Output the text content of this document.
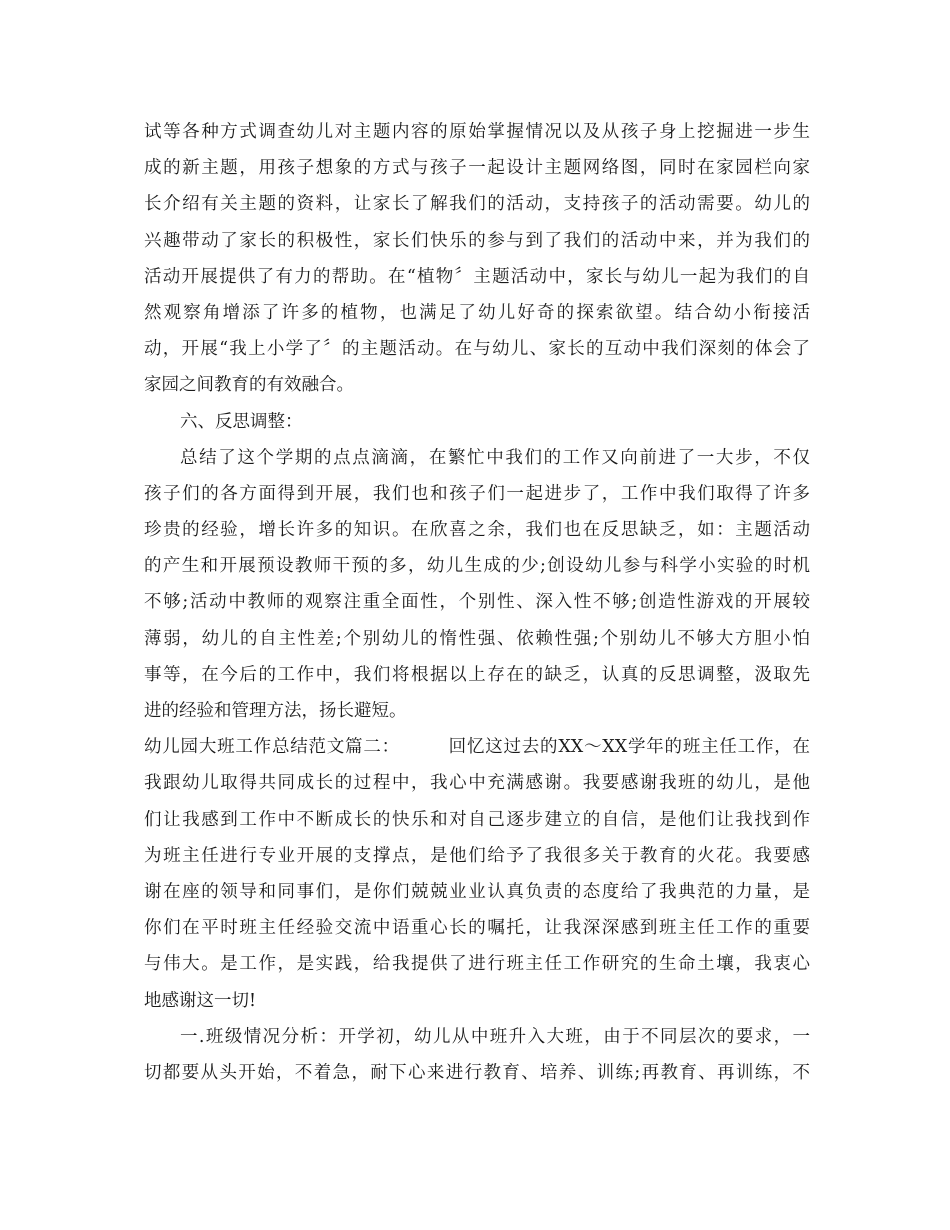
试等各种方式调查幼儿对主题内容的原始掌握情况以及从孩子身上挖掘进一步生
成的新主题，用孩子想象的方式与孩子一起设计主题网络图，同时在家园栏向家
长介绍有关主题的资料，让家长了解我们的活动，支持孩子的活动需要。幼儿的
兴趣带动了家长的积极性，家长们快乐的参与到了我们的活动中来，并为我们的
活动开展提供了有力的帮助。在“植物〞主题活动中，家长与幼儿一起为我们的自
然观察角增添了许多的植物，也满足了幼儿好奇的探索欲望。结合幼小衔接活
动，开展“我上小学了〞的主题活动。在与幼儿、家长的互动中我们深刻的体会了
家园之间教育的有效融合。
六、反思调整：
总结了这个学期的点点滴滴，在繁忙中我们的工作又向前进了一大步，不仅
孩子们的各方面得到开展，我们也和孩子们一起进步了，工作中我们取得了许多
珍贵的经验，增长许多的知识。在欣喜之余，我们也在反思缺乏，如：主题活动
的产生和开展预设教师干预的多，幼儿生成的少;创设幼儿参与科学小实验的时机
不够;活动中教师的观察注重全面性，个别性、深入性不够;创造性游戏的开展较
薄弱，幼儿的自主性差;个别幼儿的惰性强、依赖性强;个别幼儿不够大方胆小怕
事等，在今后的工作中，我们将根据以上存在的缺乏，认真的反思调整，汲取先
进的经验和管理方法，扬长避短。
幼儿园大班工作总结范文篇二：	回忆这过去的XX～XX学年的班主任工作，在
我跟幼儿取得共同成长的过程中，我心中充满感谢。我要感谢我班的幼儿，是他
们让我感到工作中不断成长的快乐和对自己逐步建立的自信，是他们让我找到作
为班主任进行专业开展的支撑点，是他们给予了我很多关于教育的火花。我要感
谢在座的领导和同事们，是你们兢兢业业认真负责的态度给了我典范的力量，是
你们在平时班主任经验交流中语重心长的嘱托，让我深深感到班主任工作的重要
与伟大。是工作，是实践，给我提供了进行班主任工作研究的生命土壤，我衷心
地感谢这一切!
一.班级情况分析：开学初，幼儿从中班升入大班，由于不同层次的要求，一
切都要从头开始，不着急，耐下心来进行教育、培养、训练;再教育、再训练，不
